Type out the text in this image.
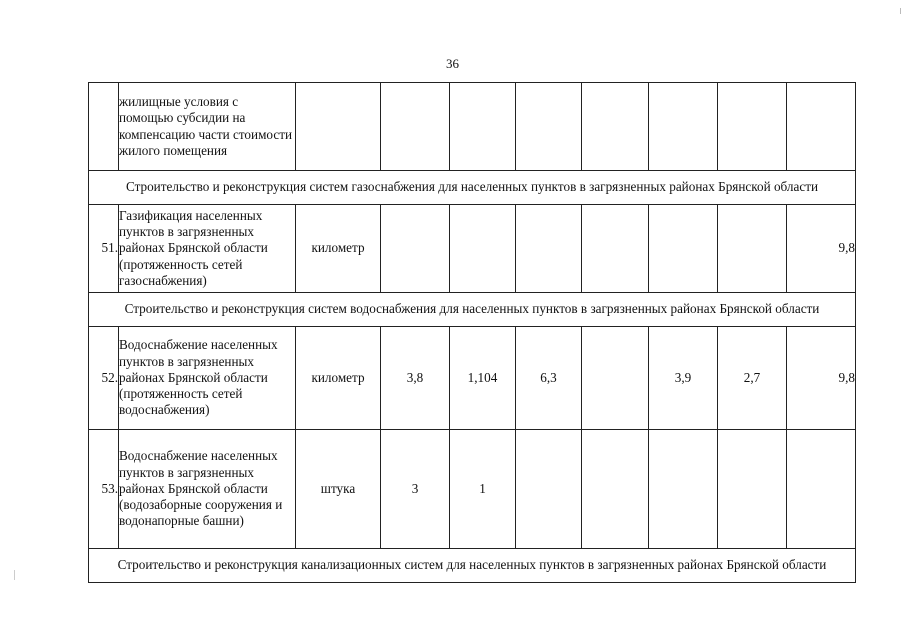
36
	жилищные условия с помощью субсидии на компенсацию части стоимости жилого помещения								
Строительство и реконструкция систем газоснабжения для населенных пунктов в загрязненных районах Брянской области									
51.	Газификация населенных пунктов в загрязненных районах Брянской области (протяженность сетей газоснабжения)	километр							9,8
Строительство и реконструкция систем водоснабжения для населенных пунктов в загрязненных районах Брянской области									
52.	Водоснабжение населенных пунктов в загрязненных районах Брянской области (протяженность сетей водоснабжения)	километр	3,8	1,104	6,3		3,9	2,7	9,8
53.	Водоснабжение населенных пунктов в загрязненных районах Брянской области (водозаборные сооружения и водонапорные башни)	штука	3	1					
Строительство и реконструкция канализационных систем для населенных пунктов в загрязненных районах Брянской области									
